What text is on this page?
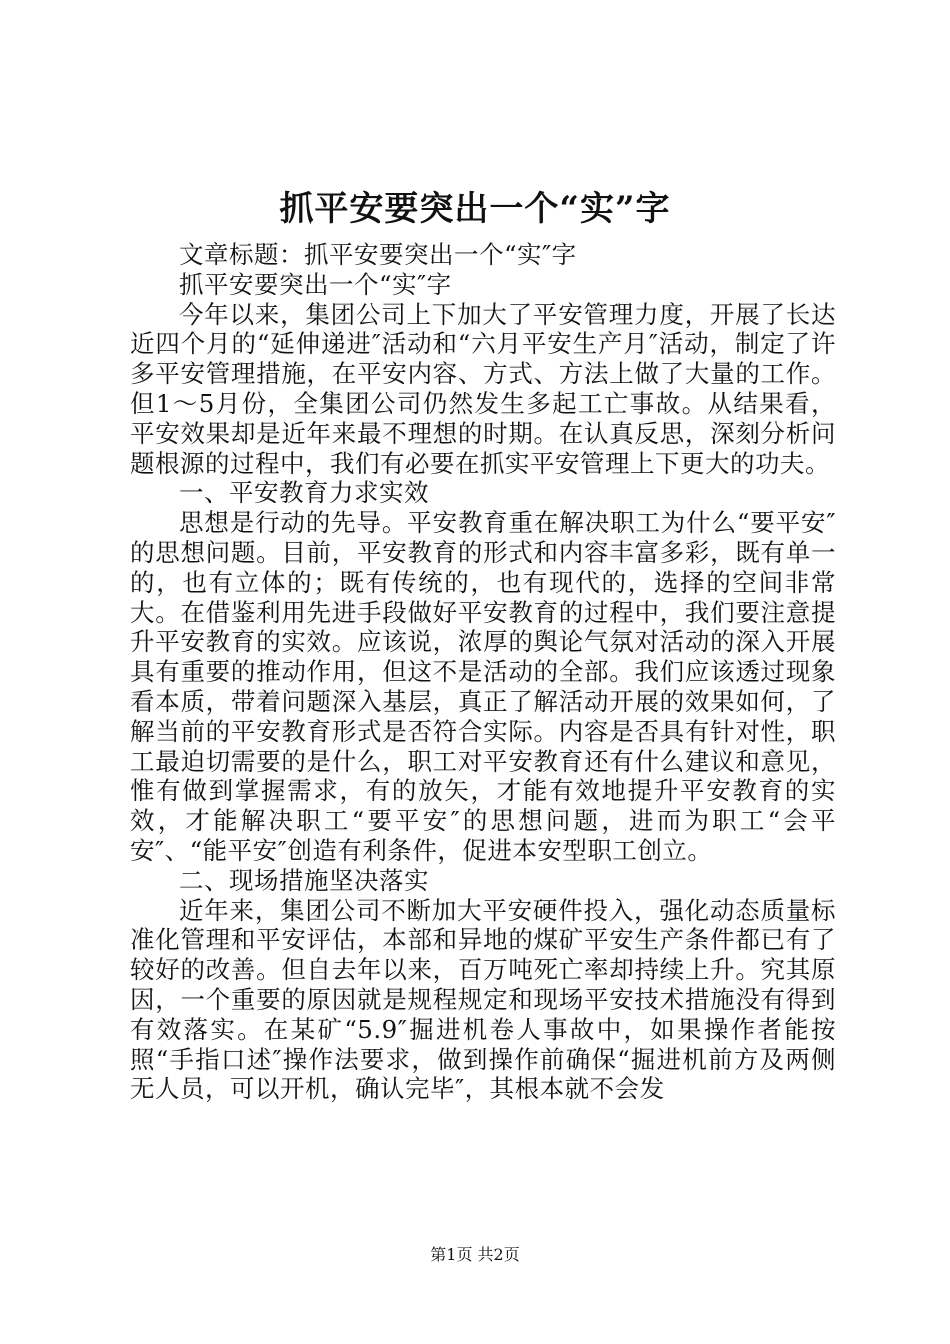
抓平安要突出一个“实”字

文章标题：抓平安要突出一个“实″字

抓平安要突出一个“实″字

今年以来，集团公司上下加大了平安管理力度，开展了长达近四个月的“延伸递进″活动和“六月平安生产月″活动，制定了许多平安管理措施，在平安内容、方式、方法上做了大量的工作。但1～5月份，全集团公司仍然发生多起工亡事故。从结果看，平安效果却是近年来最不理想的时期。在认真反思，深刻分析问题根源的过程中，我们有必要在抓实平安管理上下更大的功夫。

一、平安教育力求实效

思想是行动的先导。平安教育重在解决职工为什么“要平安″的思想问题。目前，平安教育的形式和内容丰富多彩，既有单一的，也有立体的；既有传统的，也有现代的，选择的空间非常大。在借鉴利用先进手段做好平安教育的过程中，我们要注意提升平安教育的实效。应该说，浓厚的舆论气氛对活动的深入开展具有重要的推动作用，但这不是活动的全部。我们应该透过现象看本质，带着问题深入基层，真正了解活动开展的效果如何，了解当前的平安教育形式是否符合实际。内容是否具有针对性，职工最迫切需要的是什么，职工对平安教育还有什么建议和意见，惟有做到掌握需求，有的放矢，才能有效地提升平安教育的实效，才能解决职工“要平安″的思想问题，进而为职工“会平安″、“能平安″创造有利条件，促进本安型职工创立。

二、现场措施坚决落实

近年来，集团公司不断加大平安硬件投入，强化动态质量标准化管理和平安评估，本部和异地的煤矿平安生产条件都已有了较好的改善。但自去年以来，百万吨死亡率却持续上升。究其原因，一个重要的原因就是规程规定和现场平安技术措施没有得到有效落实。在某矿“5.9″掘进机卷人事故中，如果操作者能按照“手指口述″操作法要求，做到操作前确保“掘进机前方及两侧无人员，可以开机，确认完毕″，其根本就不会发

第1页 共2页
